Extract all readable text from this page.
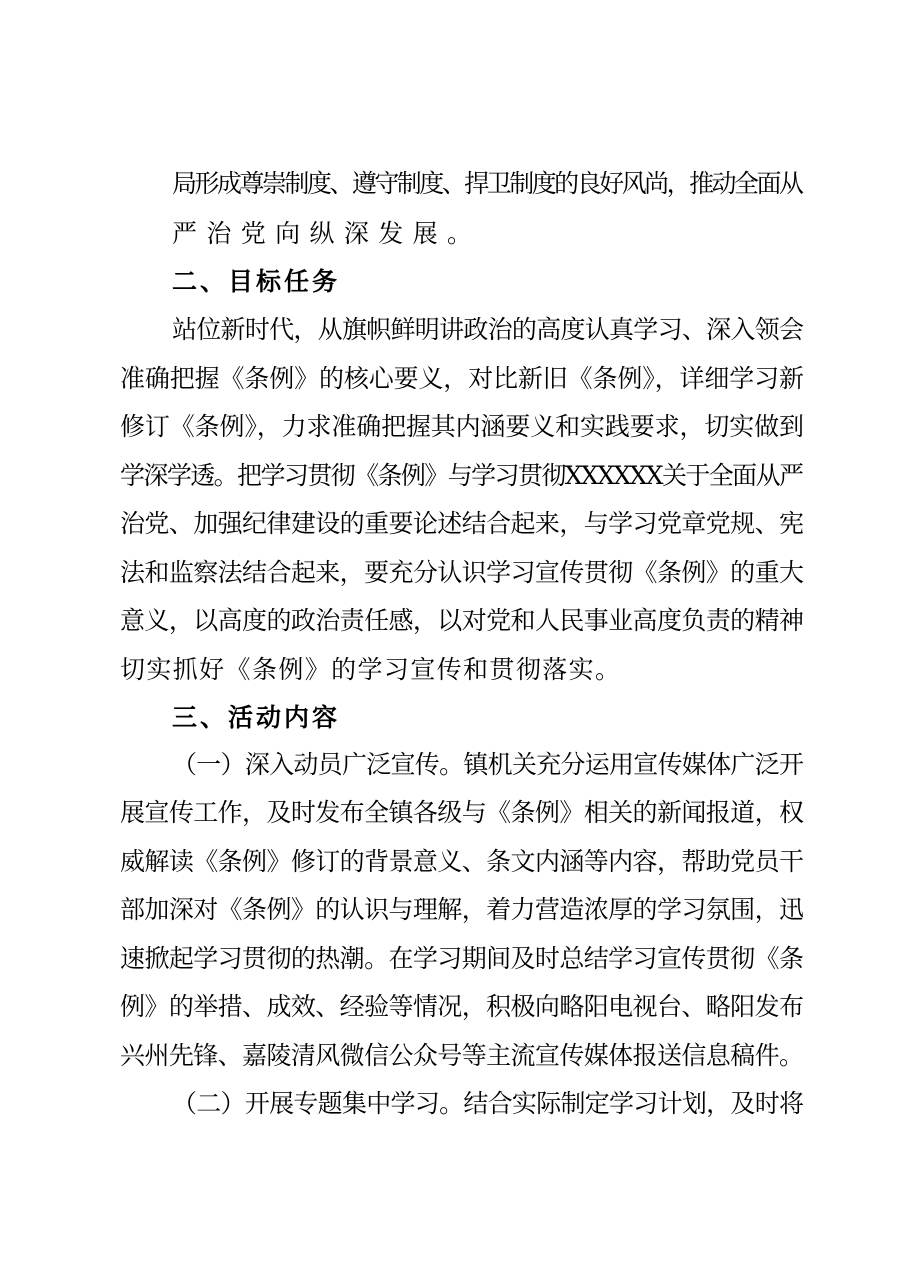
局形成尊崇制度、遵守制度、捍卫制度的良好风尚，推动全面从
严治党向纵深发展。
二、目标任务
站位新时代，从旗帜鲜明讲政治的高度认真学习、深入领会
准确把握《条例》的核心要义，对比新旧《条例》，详细学习新
修订《条例》，力求准确把握其内涵要义和实践要求，切实做到
学深学透。把学习贯彻《条例》与学习贯彻XXXXXX关于全面从严
治党、加强纪律建设的重要论述结合起来，与学习党章党规、宪
法和监察法结合起来，要充分认识学习宣传贯彻《条例》的重大
意义，以高度的政治责任感，以对党和人民事业高度负责的精神
切实抓好《条例》的学习宣传和贯彻落实。
三、活动内容
（一）深入动员广泛宣传。镇机关充分运用宣传媒体广泛开
展宣传工作，及时发布全镇各级与《条例》相关的新闻报道，权
威解读《条例》修订的背景意义、条文内涵等内容，帮助党员干
部加深对《条例》的认识与理解，着力营造浓厚的学习氛围，迅
速掀起学习贯彻的热潮。在学习期间及时总结学习宣传贯彻《条
例》的举措、成效、经验等情况，积极向略阳电视台、略阳发布
兴州先锋、嘉陵清风微信公众号等主流宣传媒体报送信息稿件。
（二）开展专题集中学习。结合实际制定学习计划，及时将
